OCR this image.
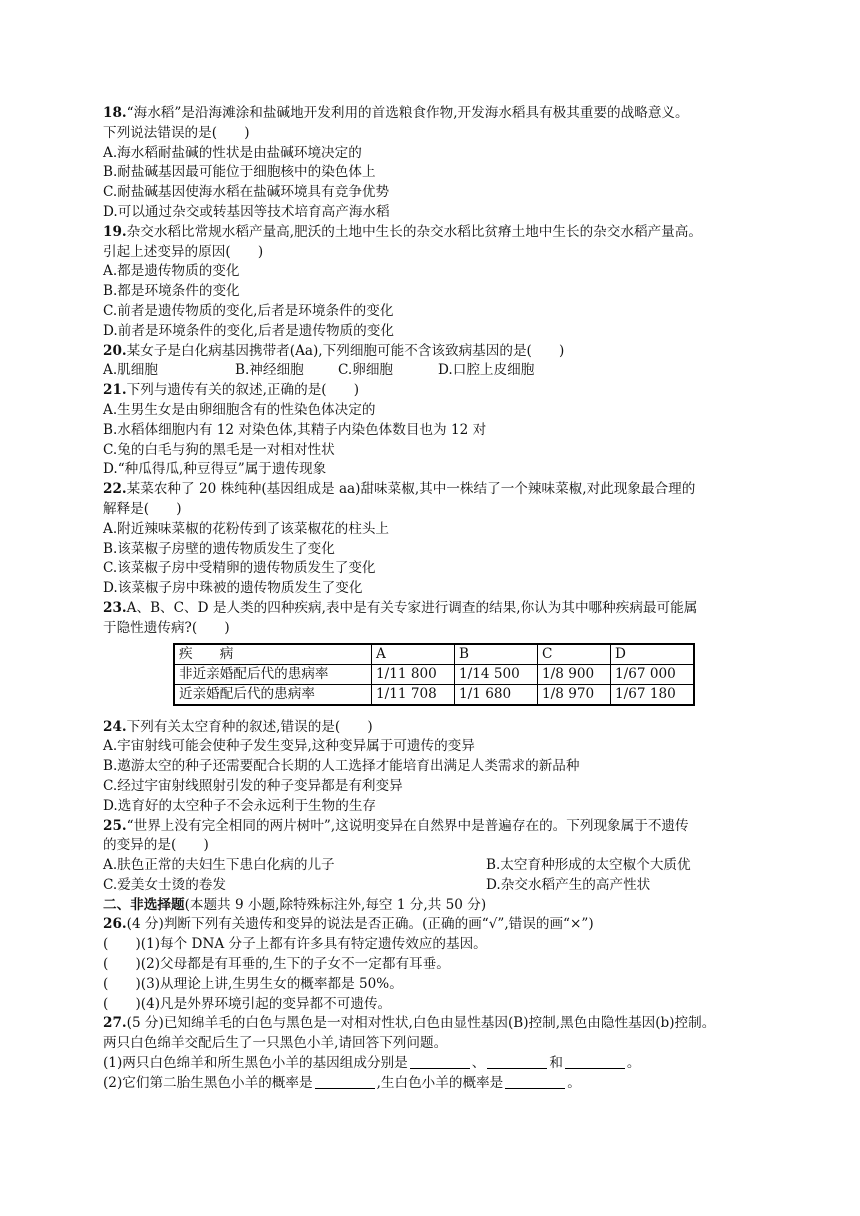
18.“海水稻”是沿海滩涂和盐碱地开发利用的首选粮食作物,开发海水稻具有极其重要的战略意义。
下列说法错误的是(　　)
A.海水稻耐盐碱的性状是由盐碱环境决定的
B.耐盐碱基因最可能位于细胞核中的染色体上
C.耐盐碱基因使海水稻在盐碱环境具有竞争优势
D.可以通过杂交或转基因等技术培育高产海水稻
19.杂交水稻比常规水稻产量高,肥沃的土地中生长的杂交水稻比贫瘠土地中生长的杂交水稻产量高。
引起上述变异的原因(　　)
A.都是遗传物质的变化
B.都是环境条件的变化
C.前者是遗传物质的变化,后者是环境条件的变化
D.前者是环境条件的变化,后者是遗传物质的变化
20.某女子是白化病基因携带者(Aa),下列细胞可能不含该致病基因的是(　　)
A.肌细胞	B.神经细胞	C.卵细胞	D.口腔上皮细胞
21.下列与遗传有关的叙述,正确的是(　　)
A.生男生女是由卵细胞含有的性染色体决定的
B.水稻体细胞内有 12 对染色体,其精子内染色体数目也为 12 对
C.兔的白毛与狗的黑毛是一对相对性状
D.“种瓜得瓜,种豆得豆”属于遗传现象
22.某菜农种了 20 株纯种(基因组成是 aa)甜味菜椒,其中一株结了一个辣味菜椒,对此现象最合理的
解释是(　　)
A.附近辣味菜椒的花粉传到了该菜椒花的柱头上
B.该菜椒子房壁的遗传物质发生了变化
C.该菜椒子房中受精卵的遗传物质发生了变化
D.该菜椒子房中珠被的遗传物质发生了变化
23.A、B、C、D 是人类的四种疾病,表中是有关专家进行调查的结果,你认为其中哪种疾病最可能属
于隐性遗传病?(　　)
疾　　病	A	B	C	D
非近亲婚配后代的患病率	1/11 800	1/14 500	1/8 900	1/67 000
近亲婚配后代的患病率	1/11 708	1/1 680	1/8 970	1/67 180
24.下列有关太空育种的叙述,错误的是(　　)
A.宇宙射线可能会使种子发生变异,这种变异属于可遗传的变异
B.遨游太空的种子还需要配合长期的人工选择才能培育出满足人类需求的新品种
C.经过宇宙射线照射引发的种子变异都是有利变异
D.选育好的太空种子不会永远利于生物的生存
25.“世界上没有完全相同的两片树叶”,这说明变异在自然界中是普遍存在的。下列现象属于不遗传
的变异的是(　　)
A.肤色正常的夫妇生下患白化病的儿子	B.太空育种形成的太空椒个大质优
C.爱美女士烫的卷发	D.杂交水稻产生的高产性状
二、非选择题(本题共 9 小题,除特殊标注外,每空 1 分,共 50 分)
26.(4 分)判断下列有关遗传和变异的说法是否正确。(正确的画“√”,错误的画“×”)
(　　)(1)每个 DNA 分子上都有许多具有特定遗传效应的基因。
(　　)(2)父母都是有耳垂的,生下的子女不一定都有耳垂。
(　　)(3)从理论上讲,生男生女的概率都是 50%。
(　　)(4)凡是外界环境引起的变异都不可遗传。
27.(5 分)已知绵羊毛的白色与黑色是一对相对性状,白色由显性基因(B)控制,黑色由隐性基因(b)控制。
两只白色绵羊交配后生了一只黑色小羊,请回答下列问题。
(1)两只白色绵羊和所生黑色小羊的基因组成分别是	、	和	。
(2)它们第二胎生黑色小羊的概率是	,生白色小羊的概率是	。
